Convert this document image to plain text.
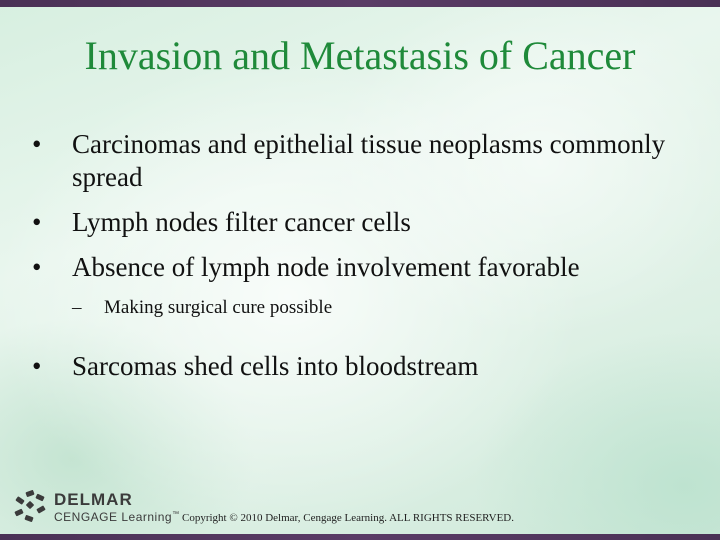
Invasion and Metastasis of Cancer
•	Carcinomas and epithelial tissue neoplasms commonly spread
•	Lymph nodes filter cancer cells
•	Absence of lymph node involvement favorable
– Making surgical cure possible
•	Sarcomas shed cells into bloodstream
DELMAR
CENGAGE Learning™ Copyright © 2010 Delmar, Cengage Learning. ALL RIGHTS RESERVED.
